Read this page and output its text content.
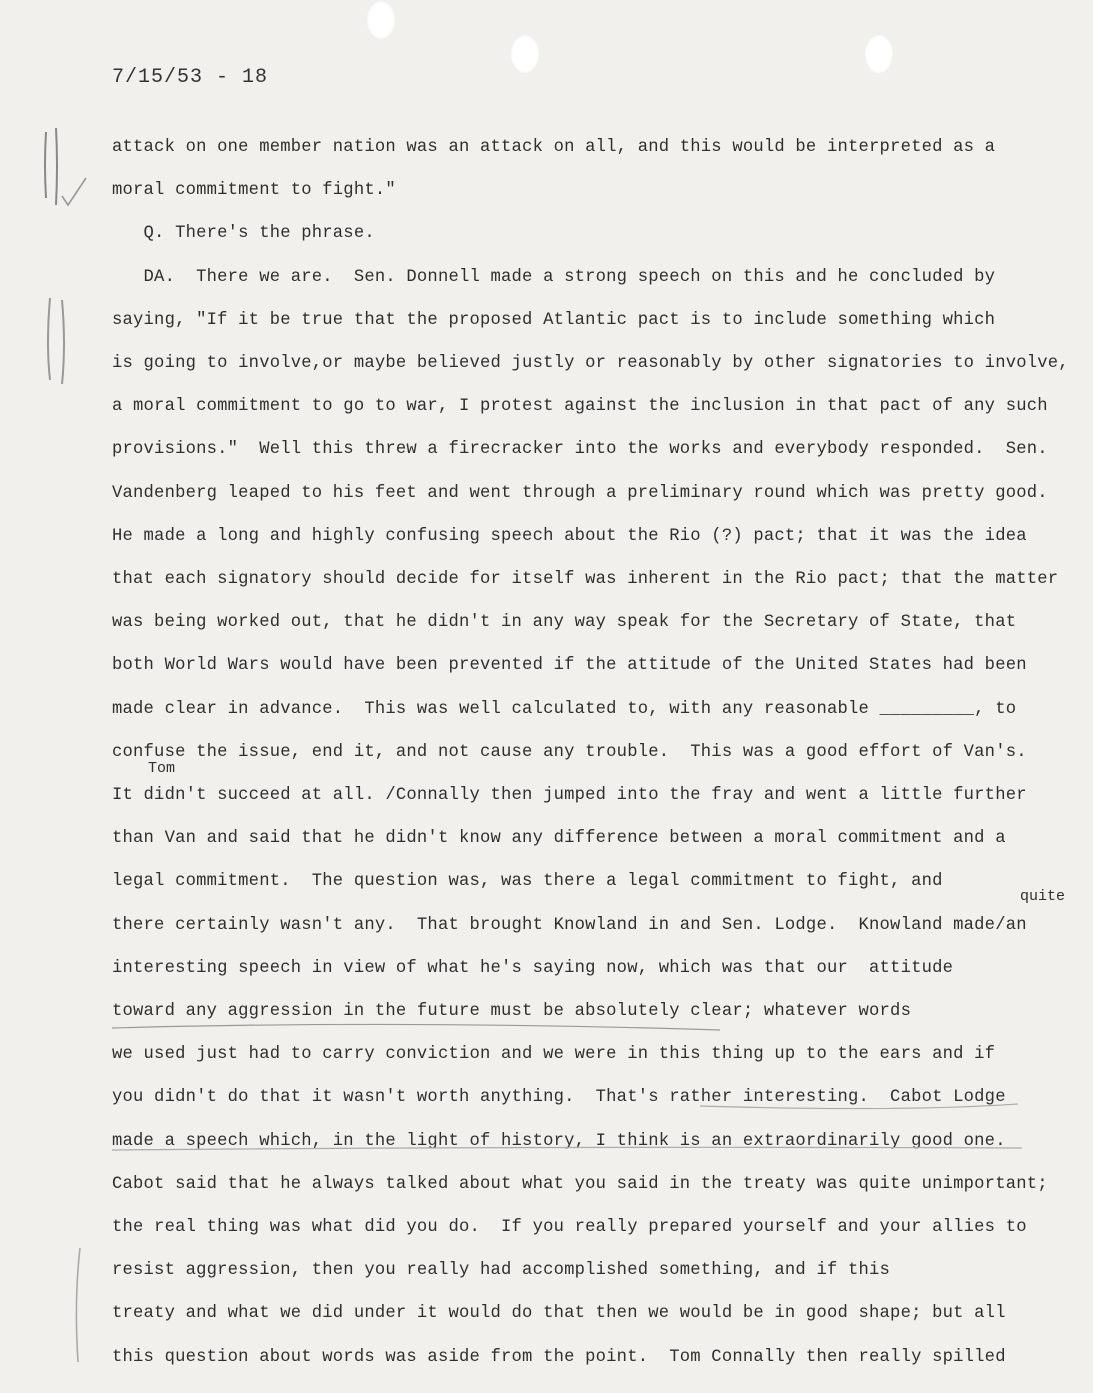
7/15/53 - 18
attack on one member nation was an attack on all, and this would be interpreted as a
moral commitment to fight."
Q. There's the phrase.
DA.  There we are.  Sen. Donnell made a strong speech on this and he concluded by
saying, "If it be true that the proposed Atlantic pact is to include something which
is going to involve,or maybe believed justly or reasonably by other signatories to involve,
a moral commitment to go to war, I protest against the inclusion in that pact of any such
provisions."  Well this threw a firecracker into the works and everybody responded.  Sen.
Vandenberg leaped to his feet and went through a preliminary round which was pretty good.
He made a long and highly confusing speech about the Rio (?) pact; that it was the idea
that each signatory should decide for itself was inherent in the Rio pact; that the matter
was being worked out, that he didn't in any way speak for the Secretary of State, that
both World Wars would have been prevented if the attitude of the United States had been
made clear in advance.  This was well calculated to, with any reasonable _________, to
confuse the issue, end it, and not cause any trouble.  This was a good effort of Van's.
It didn't succeed at all. /Connally then jumped into the fray and went a little further
than Van and said that he didn't know any difference between a moral commitment and a
legal commitment.  The question was, was there a legal commitment to fight, and
there certainly wasn't any.  That brought Knowland in and Sen. Lodge.  Knowland made/an
interesting speech in view of what he's saying now, which was that our  attitude
toward any aggression in the future must be absolutely clear; whatever words
we used just had to carry conviction and we were in this thing up to the ears and if
you didn't do that it wasn't worth anything.  That's rather interesting.  Cabot Lodge
made a speech which, in the light of history, I think is an extraordinarily good one.
Cabot said that he always talked about what you said in the treaty was quite unimportant;
the real thing was what did you do.  If you really prepared yourself and your allies to
resist aggression, then you really had accomplished something, and if this
treaty and what we did under it would do that then we would be in good shape; but all
this question about words was aside from the point.  Tom Connally then really spilled
Tom
quite
